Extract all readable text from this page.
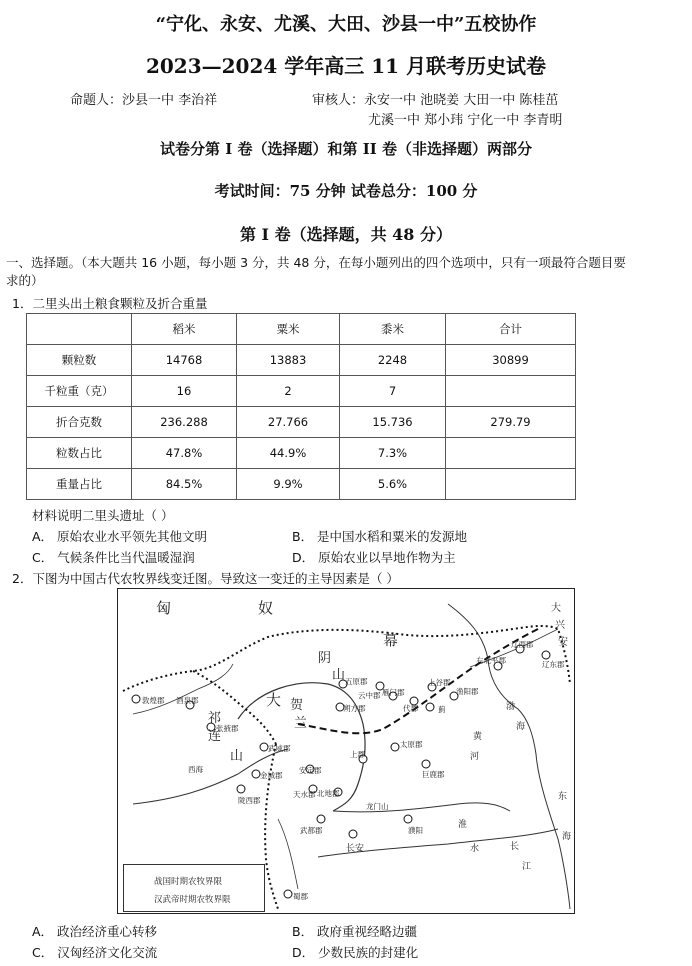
“宁化、永安、尤溪、大田、沙县一中”五校协作
2023—2024 学年高三 11 月联考历史试卷
命题人：沙县一中 李治祥	审核人：永安一中 池晓姜 大田一中 陈桂茁
尤溪一中 郑小玮 宁化一中 李青明
试卷分第 I 卷（选择题）和第 II 卷（非选择题）两部分
考试时间：75 分钟 试卷总分：100 分
第 I 卷（选择题，共 48 分）
一、选择题。（本大题共 16 小题，每小题 3 分，共 48 分，在每小题列出的四个选项中，只有一项最符合题目要
求的）
1．二里头出土粮食颗粒及折合重量
	稻米	粟米	黍米	合计
颗粒数	14768	13883	2248	30899
千粒重（克）	16	2	7	
折合克数	236.288	27.766	15.736	279.79
粒数占比	47.8%	44.9%	7.3%	
重量占比	84.5%	9.9%	5.6%	
材料说明二里头遗址（ ）
A． 原始农业水平领先其他文明	B． 是中国水稻和粟米的发源地
C． 气候条件比当代温暖湿润	D． 原始农业以旱地作物为主
2．下图为中国古代农牧界线变迁图。导致这一变迁的主导因素是（ ）
匈	奴
幕
大
阴
山
贺
兰
祁
连
山
大
兴
安
敦煌郡 酒泉郡
张掖郡
武威郡
金城郡
陇西郡
天水郡
安定郡
北地郡
上郡
五原郡
朔方郡
云中郡 雁门郡
代郡
上谷郡
渔阳郡
右北平郡
辽西郡
辽东郡
太原郡
巨鹿郡
濮阳
长安
武都郡
蜀郡
龙门山
西海
黄
河
渤
海
东
海
长
江
淮
水
蓟
战国时期农牧界限
汉武帝时期农牧界限
A． 政治经济重心转移	B． 政府重视经略边疆
C． 汉匈经济文化交流	D． 少数民族的封建化
